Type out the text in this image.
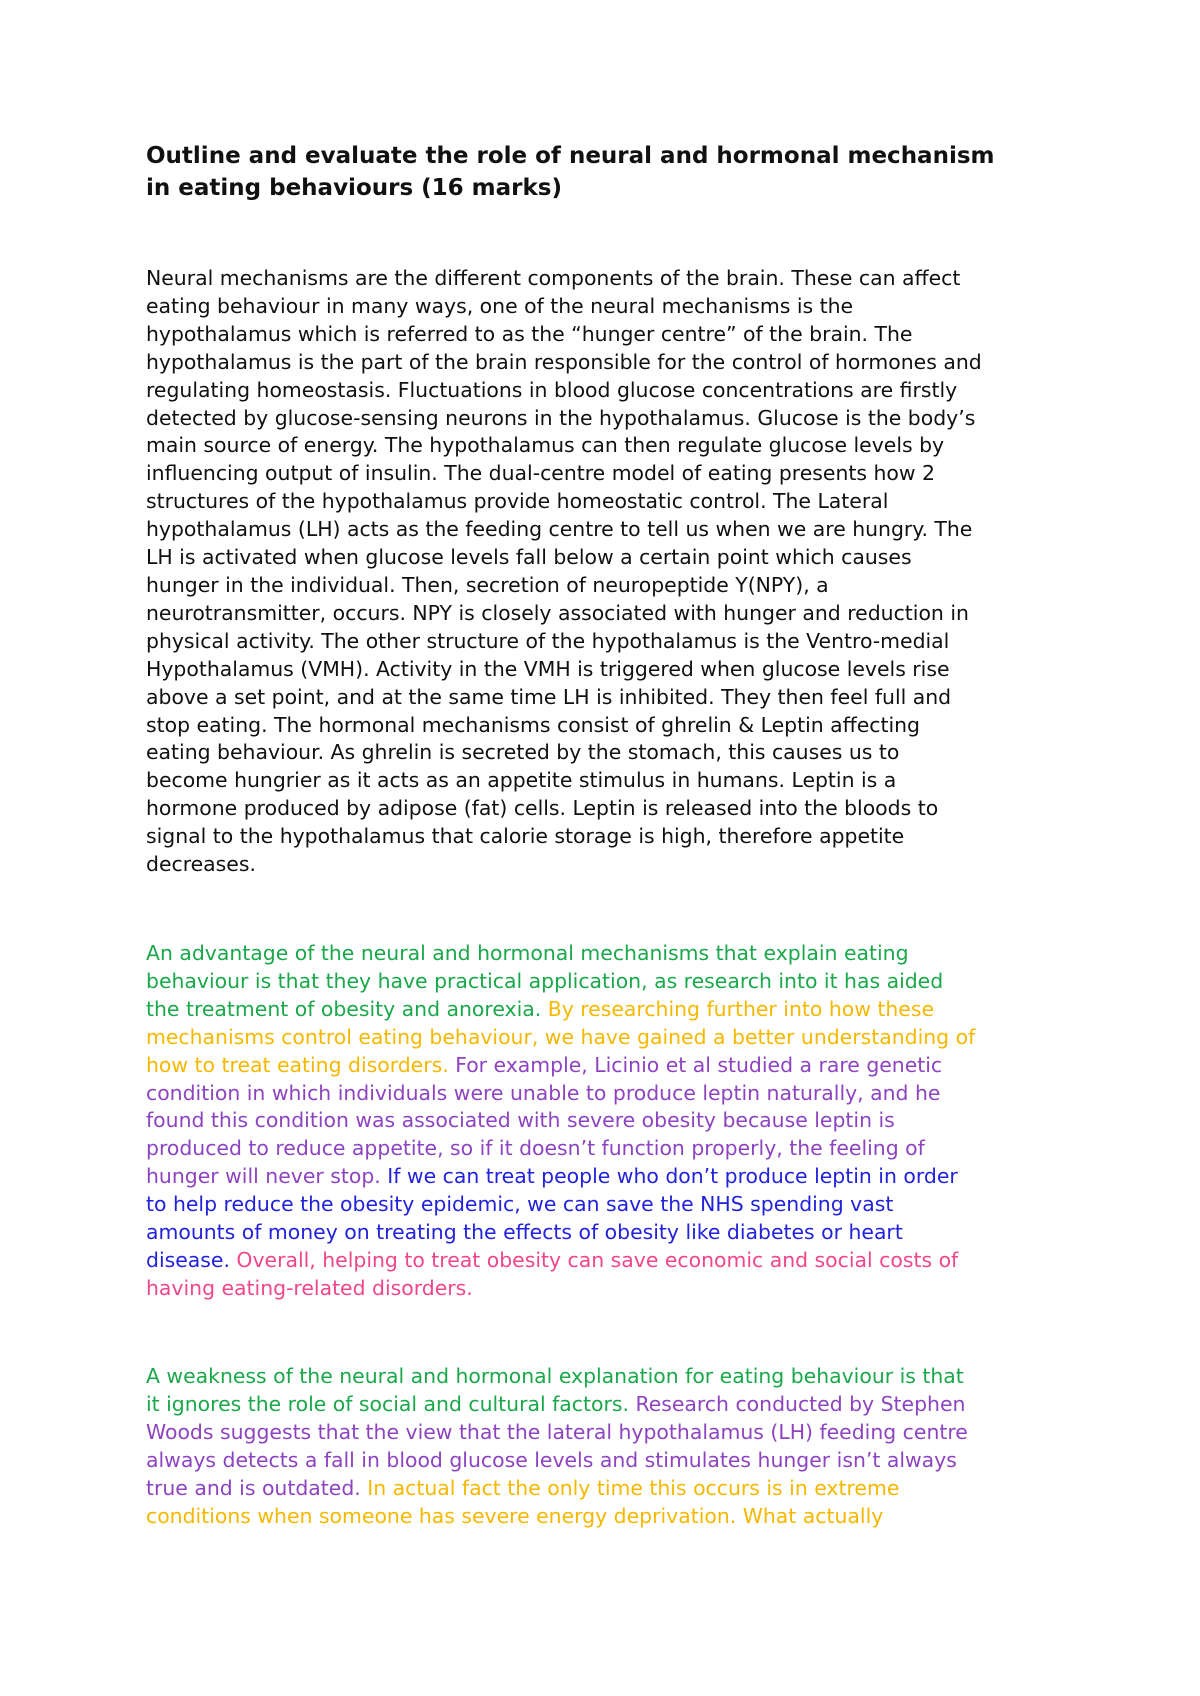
Outline and evaluate the role of neural and hormonal mechanism
in eating behaviours (16 marks)
Neural mechanisms are the different components of the brain. These can affect
eating behaviour in many ways, one of the neural mechanisms is the
hypothalamus which is referred to as the “hunger centre” of the brain. The
hypothalamus is the part of the brain responsible for the control of hormones and
regulating homeostasis. Fluctuations in blood glucose concentrations are firstly
detected by glucose-sensing neurons in the hypothalamus. Glucose is the body’s
main source of energy. The hypothalamus can then regulate glucose levels by
influencing output of insulin. The dual-centre model of eating presents how 2
structures of the hypothalamus provide homeostatic control. The Lateral
hypothalamus (LH) acts as the feeding centre to tell us when we are hungry. The
LH is activated when glucose levels fall below a certain point which causes
hunger in the individual. Then, secretion of neuropeptide Y(NPY), a
neurotransmitter, occurs. NPY is closely associated with hunger and reduction in
physical activity. The other structure of the hypothalamus is the Ventro-medial
Hypothalamus (VMH). Activity in the VMH is triggered when glucose levels rise
above a set point, and at the same time LH is inhibited. They then feel full and
stop eating. The hormonal mechanisms consist of ghrelin & Leptin affecting
eating behaviour. As ghrelin is secreted by the stomach, this causes us to
become hungrier as it acts as an appetite stimulus in humans. Leptin is a
hormone produced by adipose (fat) cells. Leptin is released into the bloods to
signal to the hypothalamus that calorie storage is high, therefore appetite
decreases.
An advantage of the neural and hormonal mechanisms that explain eating
behaviour is that they have practical application, as research into it has aided
the treatment of obesity and anorexia. By researching further into how these
mechanisms control eating behaviour, we have gained a better understanding of
how to treat eating disorders. For example, Licinio et al studied a rare genetic
condition in which individuals were unable to produce leptin naturally, and he
found this condition was associated with severe obesity because leptin is
produced to reduce appetite, so if it doesn’t function properly, the feeling of
hunger will never stop. If we can treat people who don’t produce leptin in order
to help reduce the obesity epidemic, we can save the NHS spending vast
amounts of money on treating the effects of obesity like diabetes or heart
disease. Overall, helping to treat obesity can save economic and social costs of
having eating-related disorders.
A weakness of the neural and hormonal explanation for eating behaviour is that
it ignores the role of social and cultural factors. Research conducted by Stephen
Woods suggests that the view that the lateral hypothalamus (LH) feeding centre
always detects a fall in blood glucose levels and stimulates hunger isn’t always
true and is outdated. In actual fact the only time this occurs is in extreme
conditions when someone has severe energy deprivation. What actually
